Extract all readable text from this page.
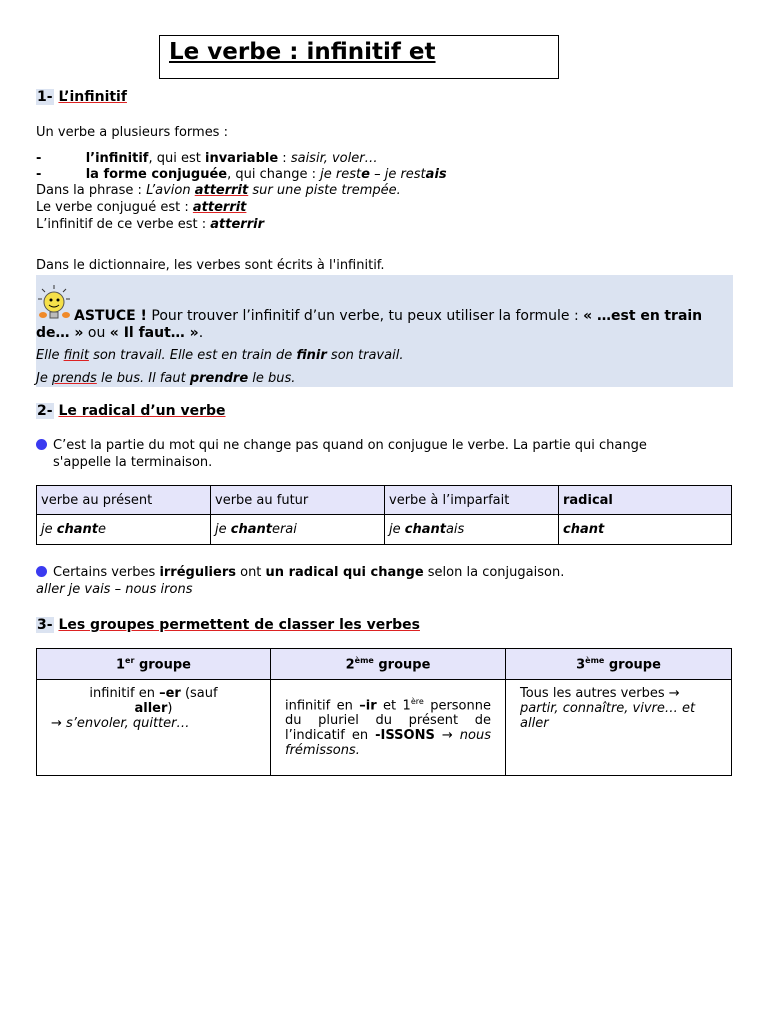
Le verbe : infinitif et
1- L’infinitif
Un verbe a plusieurs formes :
-	l’infinitif, qui est invariable : saisir, voler…
-	la forme conjuguée, qui change : je reste – je restais
Dans la phrase : L’avion atterrit sur une piste trempée.
Le verbe conjugué est : atterrit
L’infinitif de ce verbe est : atterrir
Dans le dictionnaire, les verbes sont écrits à l'infinitif.
ASTUCE ! Pour trouver l’infinitif d’un verbe, tu peux utiliser la formule : « …est en train de… » ou « Il faut… ».
Elle finit son travail. Elle est en train de finir son travail.
Je prends le bus. Il faut prendre le bus.
2- Le radical d’un verbe
C’est la partie du mot qui ne change pas quand on conjugue le verbe. La partie qui change
s'appelle la terminaison.
verbe au présent	verbe au futur	verbe à l’imparfait	radical
je chante	je chanterai	je chantais	chant
Certains verbes irréguliers ont un radical qui change selon la conjugaison.
aller je vais – nous irons
3- Les groupes permettent de classer les verbes
1er groupe	2ème groupe	3ème groupe
infinitif en –er (sauf
aller)

→ s’envoler, quitter…	infinitif en –ir et 1ère personne du pluriel du présent de l’indicatif en -ISSONS → nous frémissons.	Tous les autres verbes → partir, connaître, vivre… et aller
